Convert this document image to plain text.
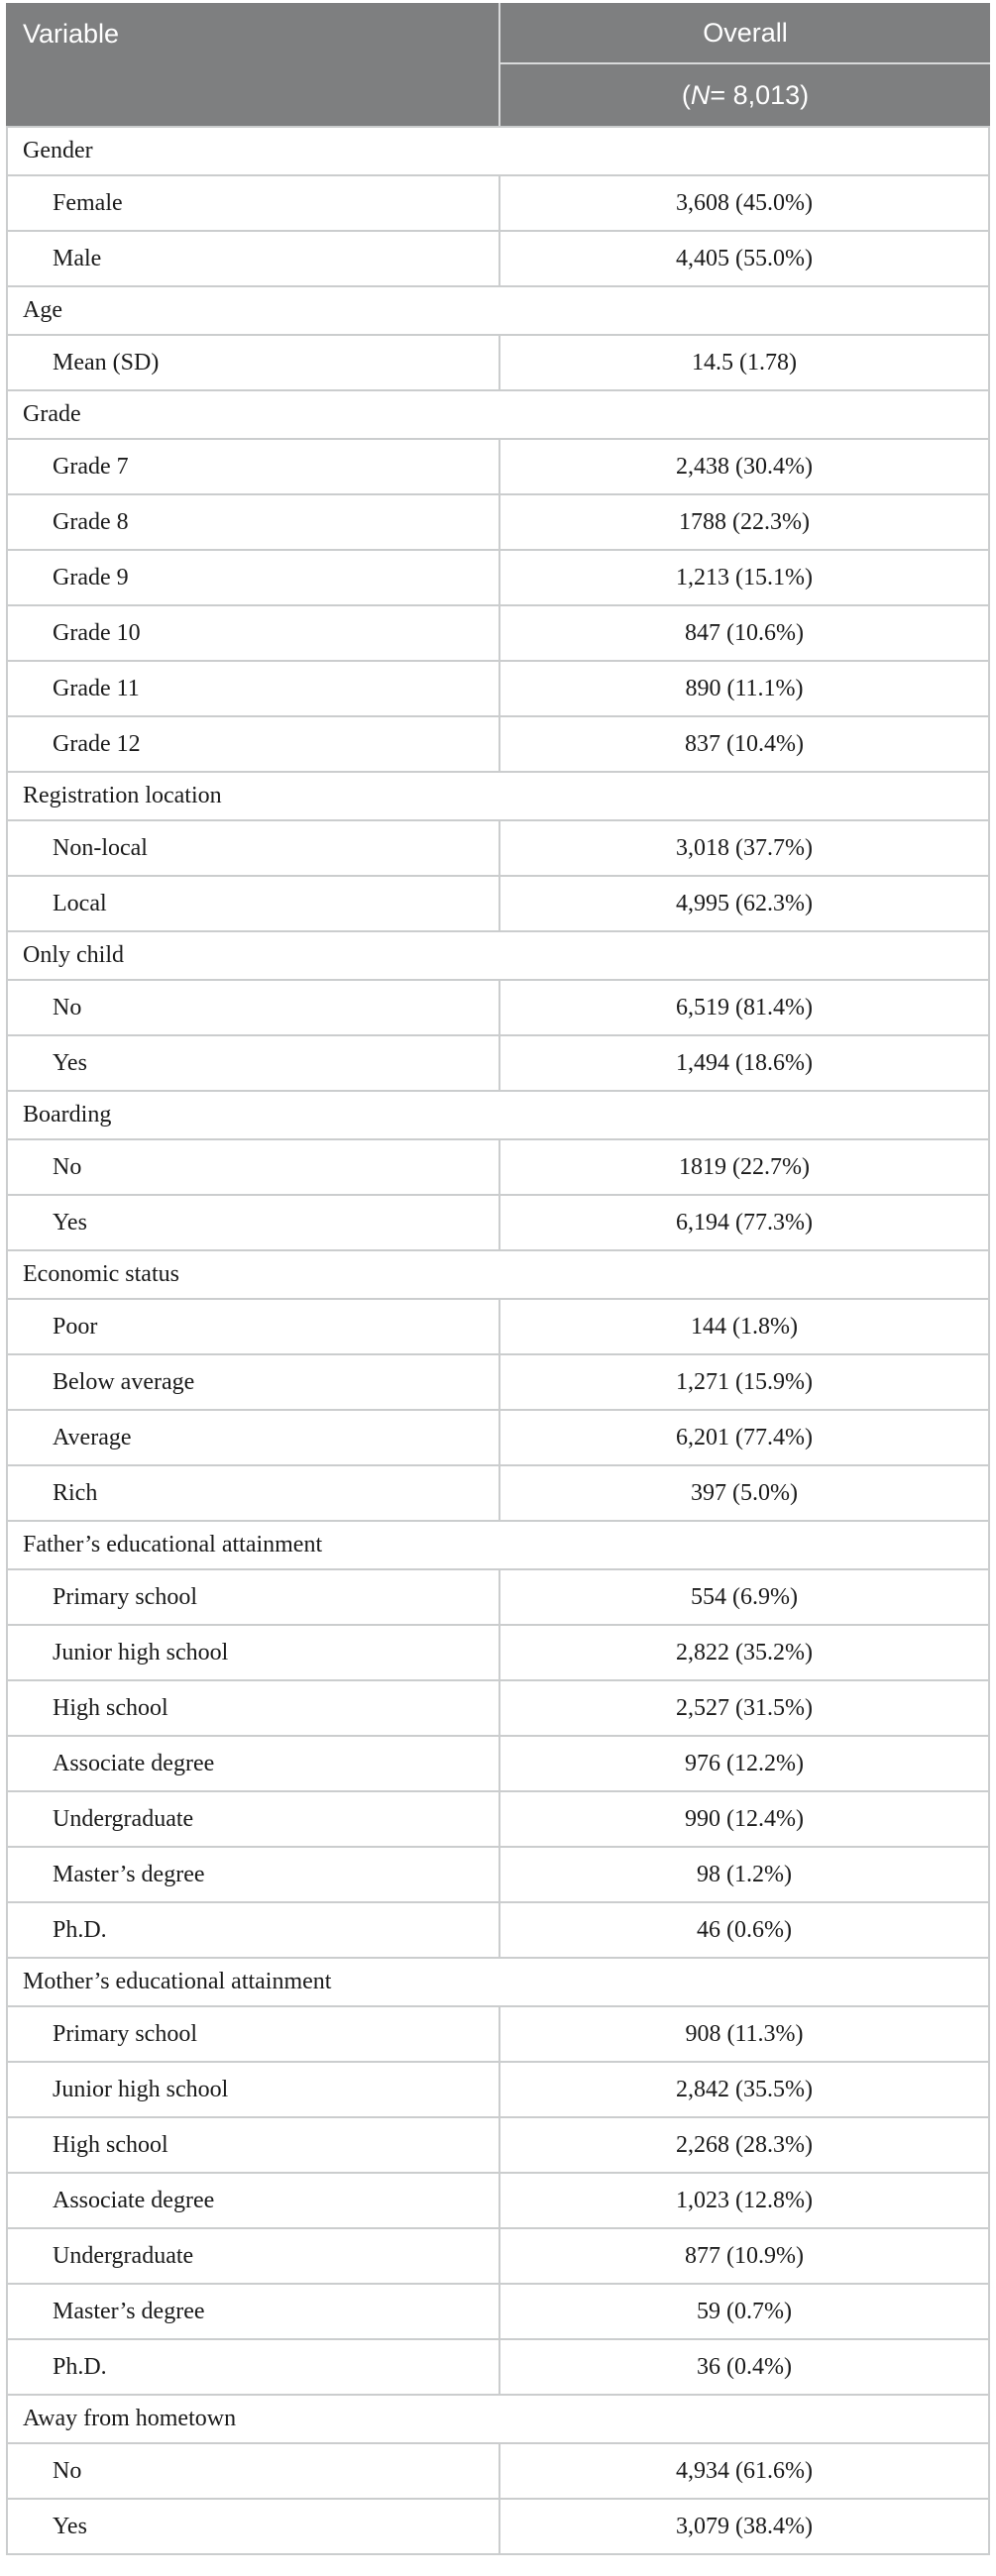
Variable	Overall
( N = 8,013)
Gender
Female	3,608 (45.0%)
Male	4,405 (55.0%)
Age
Mean (SD)	14.5 (1.78)
Grade
Grade 7	2,438 (30.4%)
Grade 8	1788 (22.3%)
Grade 9	1,213 (15.1%)
Grade 10	847 (10.6%)
Grade 11	890 (11.1%)
Grade 12	837 (10.4%)
Registration location
Non-local	3,018 (37.7%)
Local	4,995 (62.3%)
Only child
No	6,519 (81.4%)
Yes	1,494 (18.6%)
Boarding
No	1819 (22.7%)
Yes	6,194 (77.3%)
Economic status
Poor	144 (1.8%)
Below average	1,271 (15.9%)
Average	6,201 (77.4%)
Rich	397 (5.0%)
Father’s educational attainment
Primary school	554 (6.9%)
Junior high school	2,822 (35.2%)
High school	2,527 (31.5%)
Associate degree	976 (12.2%)
Undergraduate	990 (12.4%)
Master’s degree	98 (1.2%)
Ph.D.	46 (0.6%)
Mother’s educational attainment
Primary school	908 (11.3%)
Junior high school	2,842 (35.5%)
High school	2,268 (28.3%)
Associate degree	1,023 (12.8%)
Undergraduate	877 (10.9%)
Master’s degree	59 (0.7%)
Ph.D.	36 (0.4%)
Away from hometown
No	4,934 (61.6%)
Yes	3,079 (38.4%)
